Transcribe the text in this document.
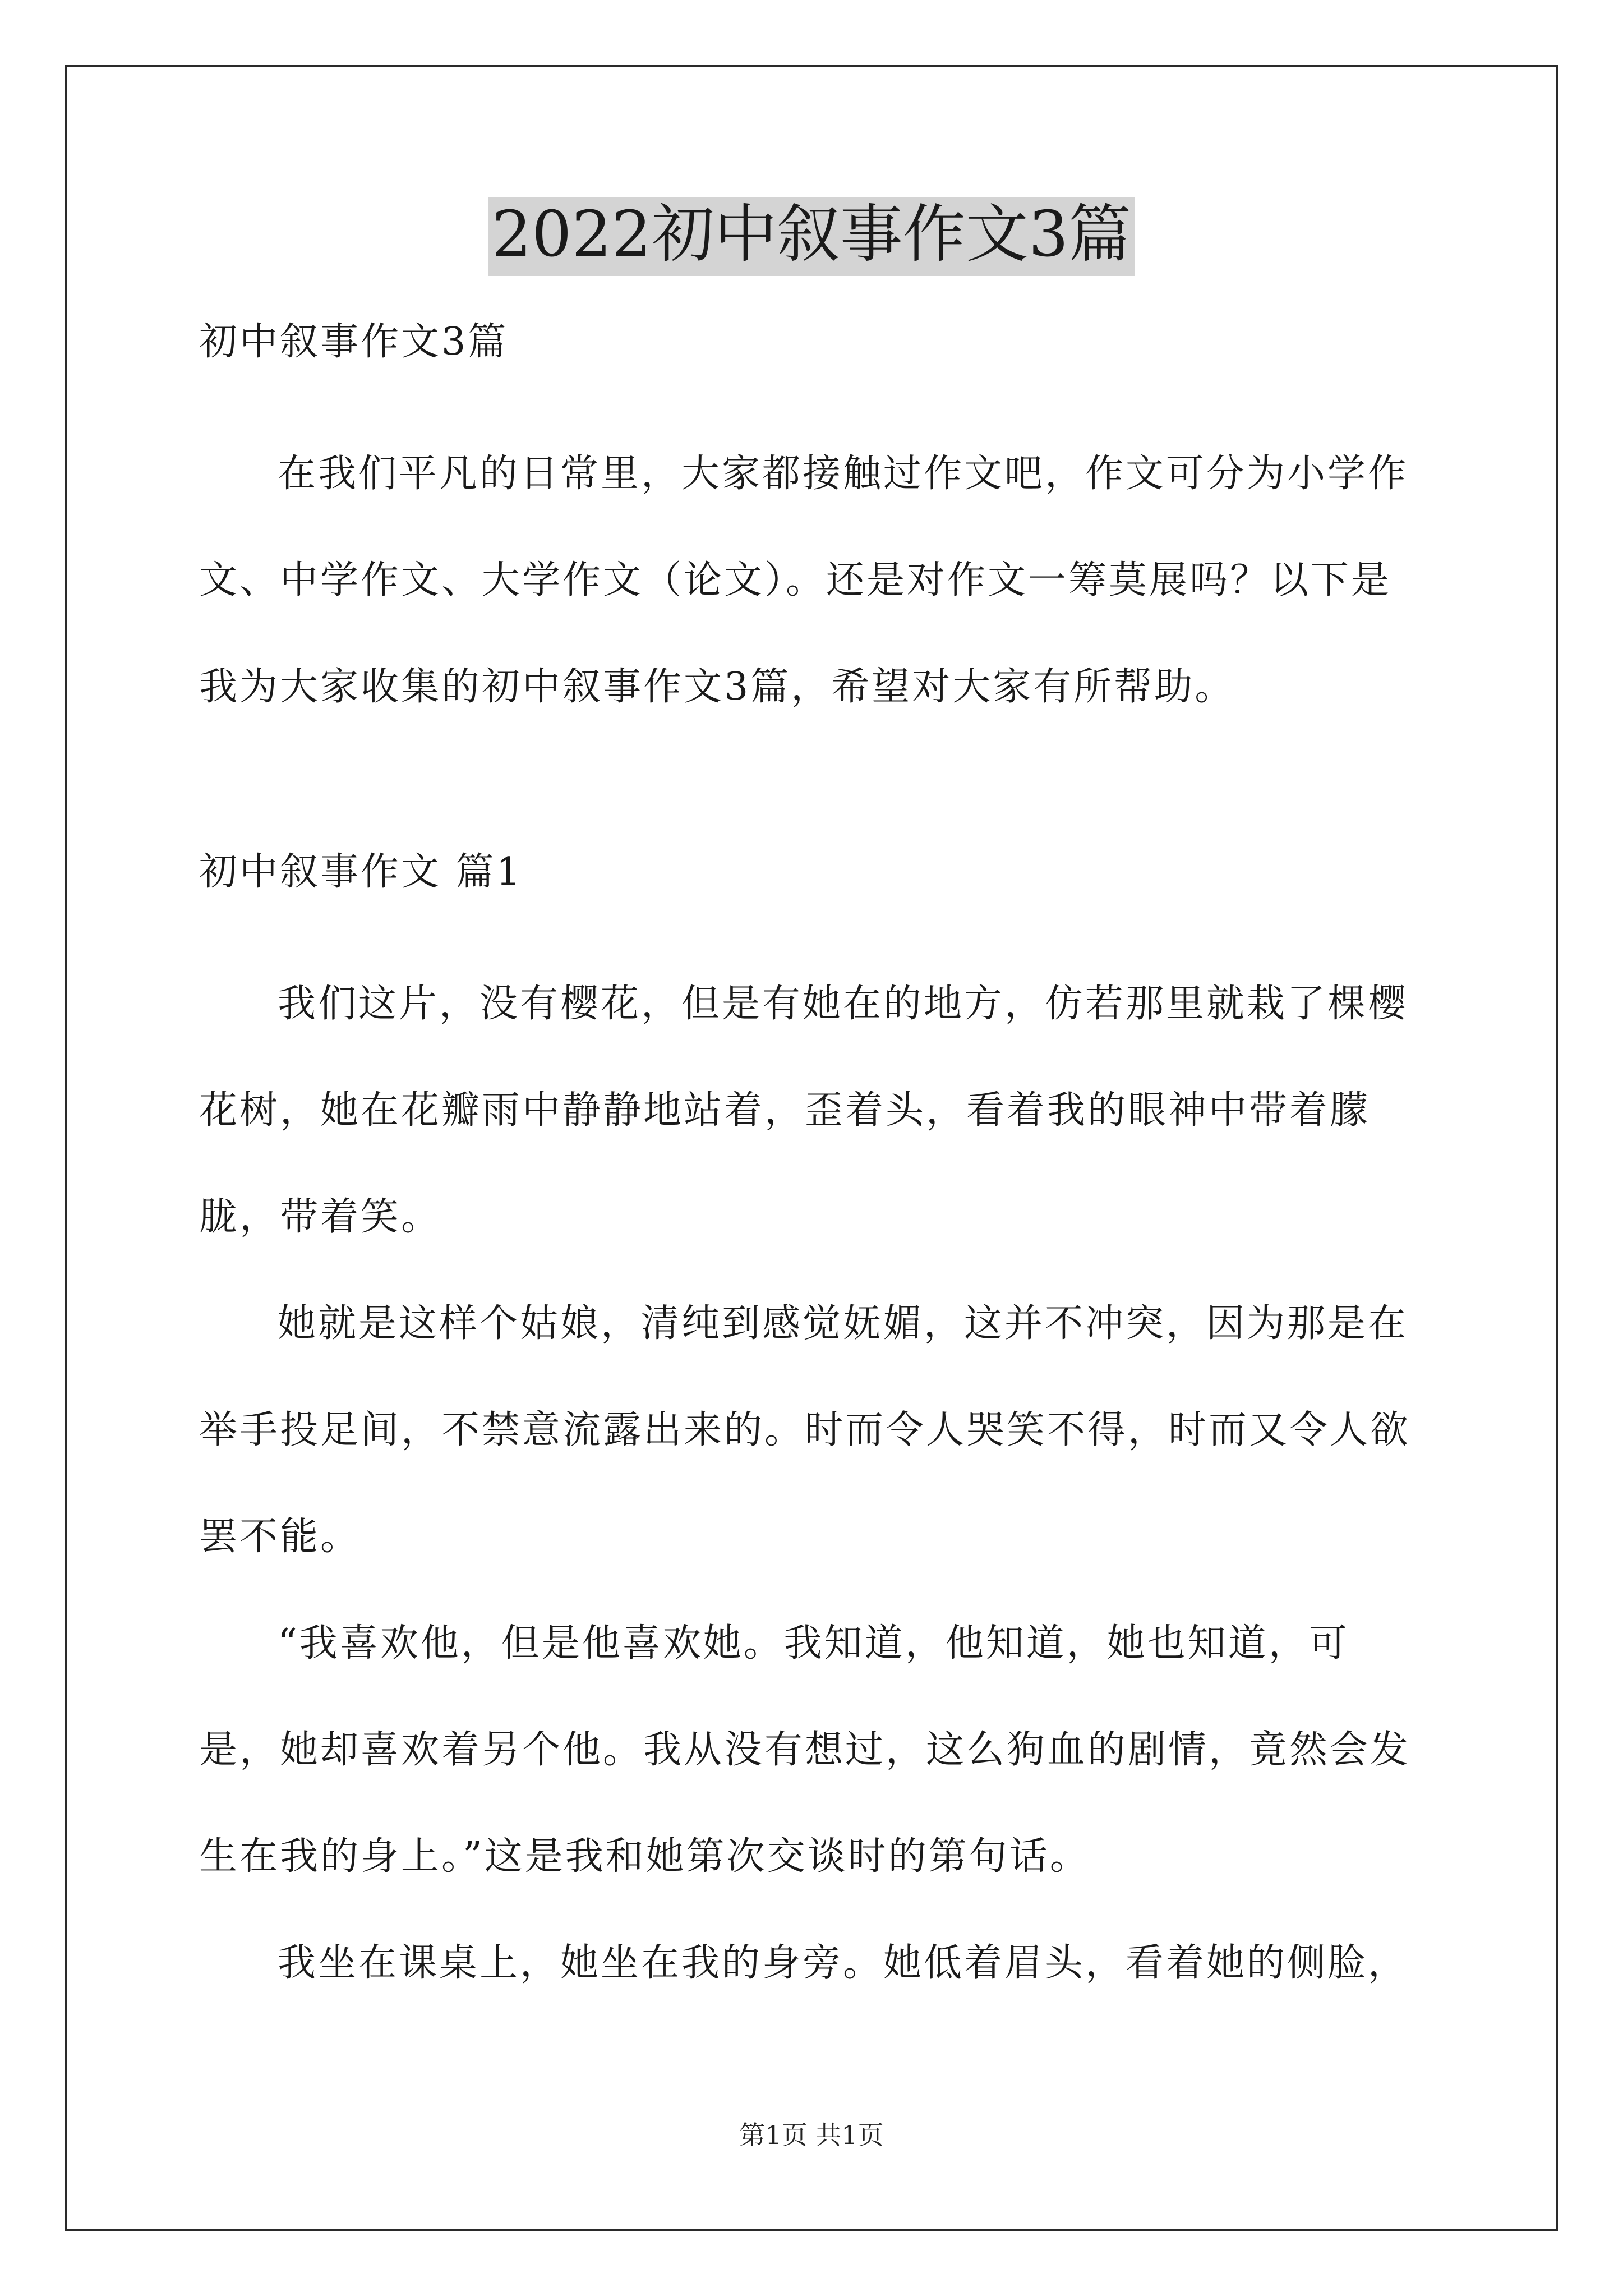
2022初中叙事作文3篇

初中叙事作文3篇

在我们平凡的日常里，大家都接触过作文吧，作文可分为小学作文、中学作文、大学作文（论文）。还是对作文一筹莫展吗？以下是我为大家收集的初中叙事作文3篇，希望对大家有所帮助。

初中叙事作文 篇1

我们这片，没有樱花，但是有她在的地方，仿若那里就栽了棵樱花树，她在花瓣雨中静静地站着，歪着头，看着我的眼神中带着朦胧，带着笑。

她就是这样个姑娘，清纯到感觉妩媚，这并不冲突，因为那是在举手投足间，不禁意流露出来的。时而令人哭笑不得，时而又令人欲罢不能。

“我喜欢他，但是他喜欢她。我知道，他知道，她也知道，可是，她却喜欢着另个他。我从没有想过，这么狗血的剧情，竟然会发生在我的身上。”这是我和她第次交谈时的第句话。

我坐在课桌上，她坐在我的身旁。她低着眉头，看着她的侧脸，

第1页 共1页
